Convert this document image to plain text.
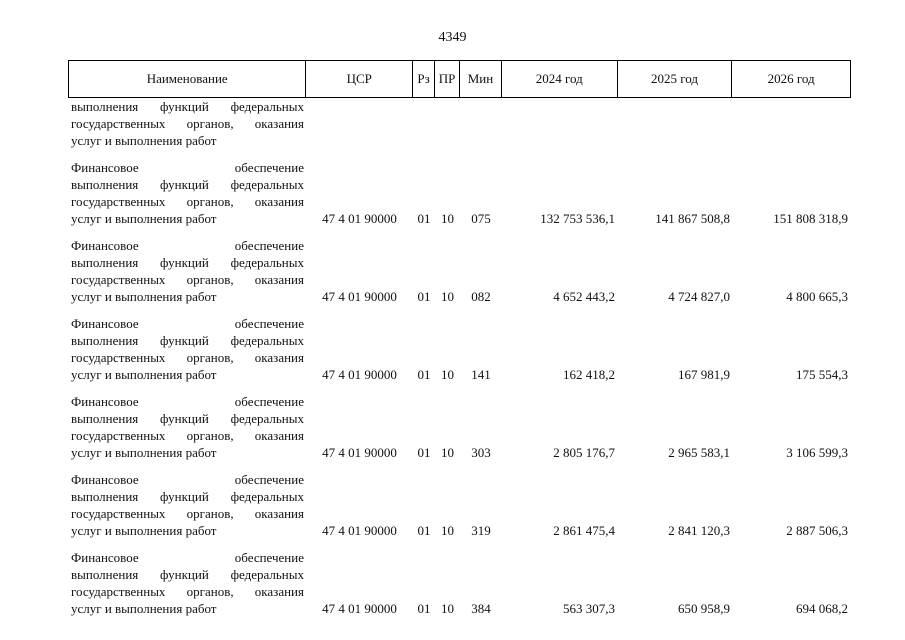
4349
Наименование	ЦСР	Рз ПР Мин	2024 год	2025 год	2026 год
выполнения функций федеральных
государственных органов, оказания
услуг и выполнения работ
Финансовое обеспечение
выполнения функций федеральных
государственных органов, оказания
услуг и выполнения работ	47 4 01 90000	01 10	075	132 753 536,1	141 867 508,8	151 808 318,9
Финансовое обеспечение
выполнения функций федеральных
государственных органов, оказания
услуг и выполнения работ	47 4 01 90000	01 10	082	4 652 443,2	4 724 827,0	4 800 665,3
Финансовое обеспечение
выполнения функций федеральных
государственных органов, оказания
услуг и выполнения работ	47 4 01 90000	01 10	141	162 418,2	167 981,9	175 554,3
Финансовое обеспечение
выполнения функций федеральных
государственных органов, оказания
услуг и выполнения работ	47 4 01 90000	01 10	303	2 805 176,7	2 965 583,1	3 106 599,3
Финансовое обеспечение
выполнения функций федеральных
государственных органов, оказания
услуг и выполнения работ	47 4 01 90000	01 10	319	2 861 475,4	2 841 120,3	2 887 506,3
Финансовое обеспечение
выполнения функций федеральных
государственных органов, оказания
услуг и выполнения работ	47 4 01 90000	01 10	384	563 307,3	650 958,9	694 068,2
